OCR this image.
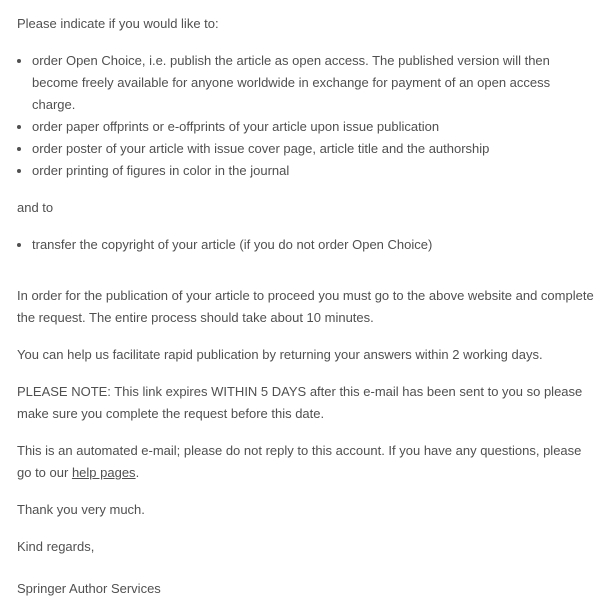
Please indicate if you would like to:

• order Open Choice, i.e. publish the article as open access. The published version will then become freely available for anyone worldwide in exchange for payment of an open access charge.
• order paper offprints or e-offprints of your article upon issue publication
• order poster of your article with issue cover page, article title and the authorship
• order printing of figures in color in the journal

and to

• transfer the copyright of your article (if you do not order Open Choice)

In order for the publication of your article to proceed you must go to the above website and complete the request. The entire process should take about 10 minutes.

You can help us facilitate rapid publication by returning your answers within 2 working days.

PLEASE NOTE: This link expires WITHIN 5 DAYS after this e-mail has been sent to you so please make sure you complete the request before this date.

This is an automated e-mail; please do not reply to this account. If you have any questions, please go to our help pages.

Thank you very much.

Kind regards,

Springer Author Services
